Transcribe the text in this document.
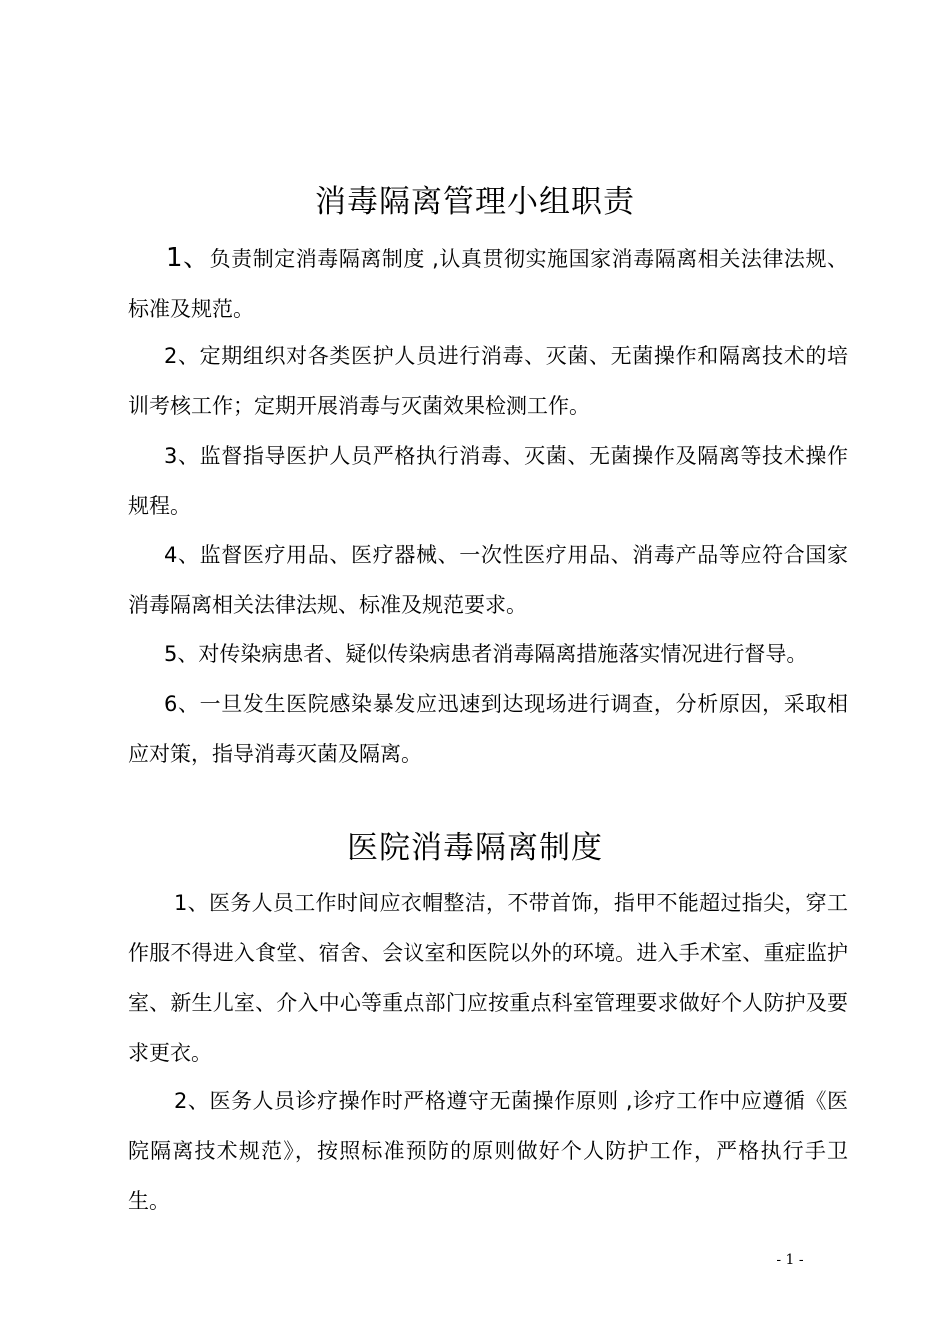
消毒隔离管理小组职责

1、负责制定消毒隔离制度 ,认真贯彻实施国家消毒隔离相关法律法规、标准及规范。

2、定期组织对各类医护人员进行消毒、灭菌、无菌操作和隔离技术的培训考核工作；定期开展消毒与灭菌效果检测工作。

3、监督指导医护人员严格执行消毒、灭菌、无菌操作及隔离等技术操作规程。

4、监督医疗用品、医疗器械、一次性医疗用品、消毒产品等应符合国家消毒隔离相关法律法规、标准及规范要求。

5、对传染病患者、疑似传染病患者消毒隔离措施落实情况进行督导。

6、一旦发生医院感染暴发应迅速到达现场进行调查，分析原因，采取相应对策，指导消毒灭菌及隔离。

医院消毒隔离制度

1、医务人员工作时间应衣帽整洁，不带首饰，指甲不能超过指尖，穿工作服不得进入食堂、宿舍、会议室和医院以外的环境。进入手术室、重症监护室、新生儿室、介入中心等重点部门应按重点科室管理要求做好个人防护及要求更衣。

2、医务人员诊疗操作时严格遵守无菌操作原则 ,诊疗工作中应遵循《医院隔离技术规范》，按照标准预防的原则做好个人防护工作，严格执行手卫生。

- 1 -
